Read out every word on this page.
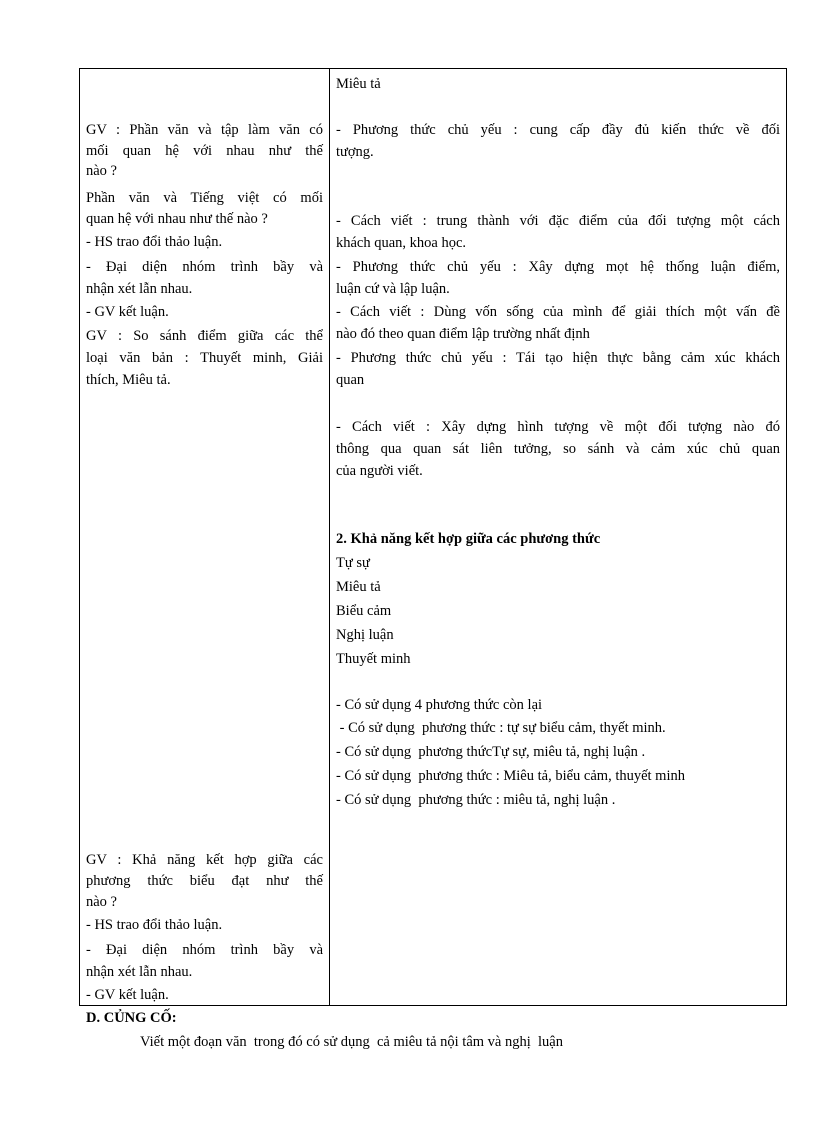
GV : Phần văn và tập làm văn có
mối quan hệ với nhau như thế
nào ?
Phần văn và Tiếng việt có mối
quan hệ với nhau như thế nào ?
- HS trao đổi thảo luận.
- Đại diện nhóm trình bầy và
nhận xét lẫn nhau.
- GV kết luận.
GV : So sánh điểm giữa các thể
loại văn bản : Thuyết minh, Giải
thích, Miêu tả.
GV : Khả năng kết hợp giữa các
phương thức biểu đạt như thế
nào ?
- HS trao đổi thảo luận.
- Đại diện nhóm trình bầy và
nhận xét lẫn nhau.
- GV kết luận.
Miêu tả
- Phương thức chủ yếu : cung cấp đầy đủ kiến thức về đối
tượng.
- Cách viết : trung thành với đặc điểm của đối tượng một cách
khách quan, khoa học.
- Phương thức chủ yếu : Xây dựng mọt hệ thống luận điểm,
luận cứ và lập luận.
- Cách viết : Dùng vốn sống của mình để giải thích một vấn đề
nào đó theo quan điểm lập trường nhất định
- Phương thức chủ yếu : Tái tạo hiện thực bằng cảm xúc khách
quan
- Cách viết : Xây dựng hình tượng về một đối tượng nào đó
thông qua quan sát liên tưởng, so sánh và cảm xúc chủ quan
của người viết.
2. Khả năng kết hợp giữa các phương thức
Tự sự
Miêu tả
Biểu cảm
Nghị luận
Thuyết minh
- Có sử dụng 4 phương thức còn lại
- Có sử dụng  phương thức : tự sự biểu cảm, thyết minh.
- Có sử dụng  phương thứcTự sự, miêu tả, nghị luận .
- Có sử dụng  phương thức : Miêu tả, biểu cảm, thuyết minh
- Có sử dụng  phương thức : miêu tả, nghị luận .
D. CỦNG CỐ:
Viết một đoạn văn  trong đó có sử dụng  cả miêu tả nội tâm và nghị  luận
